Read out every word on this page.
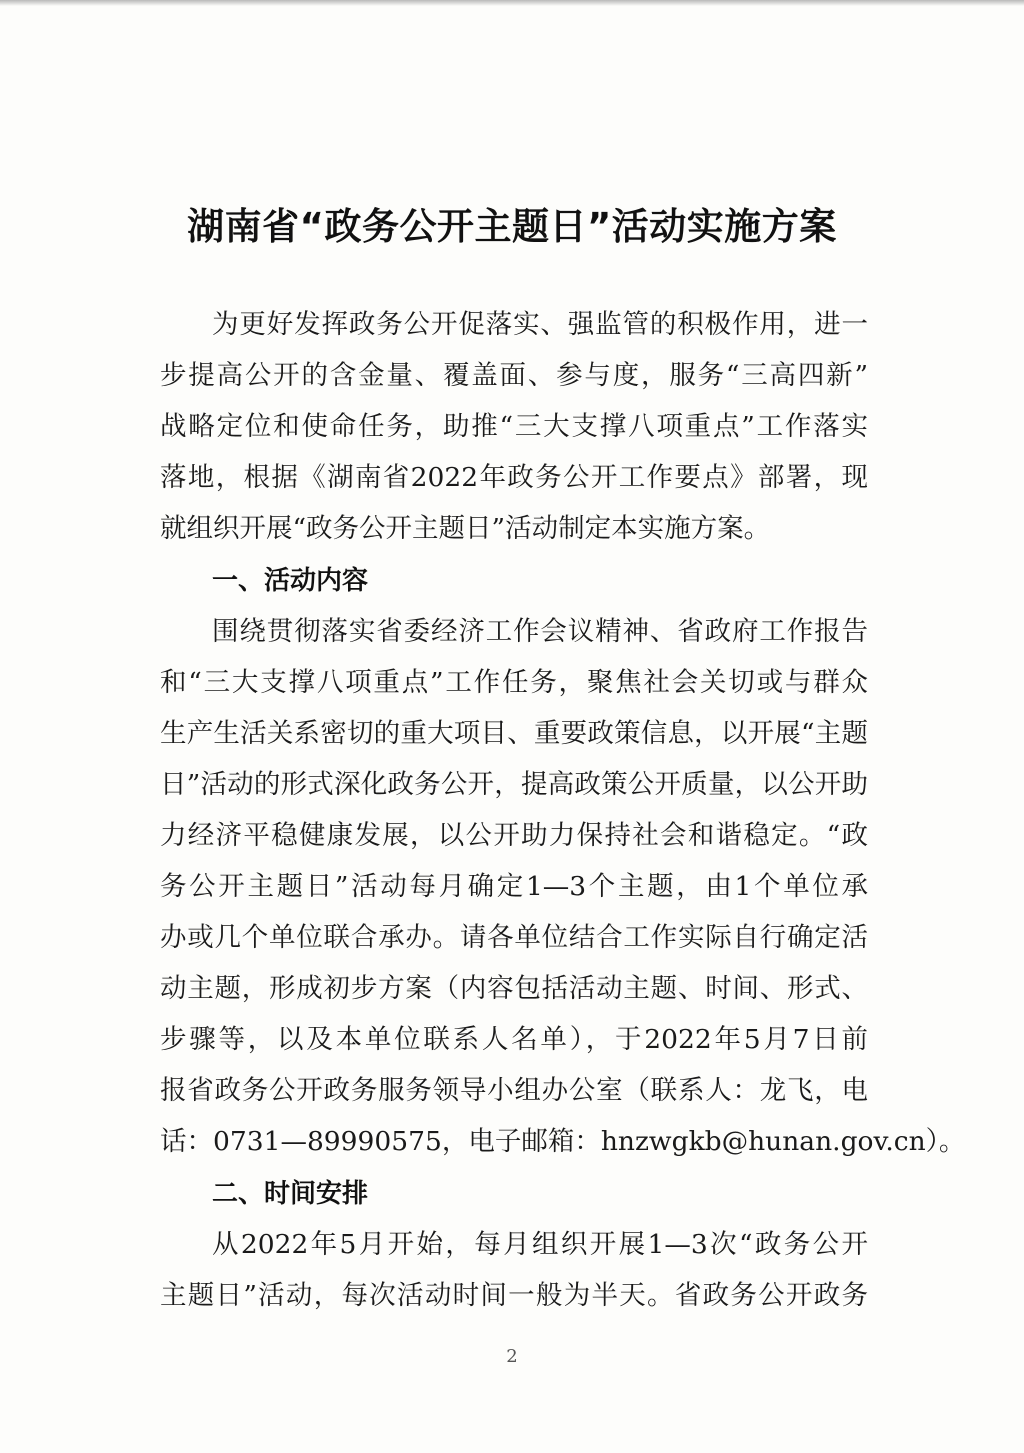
湖南省“政务公开主题日”活动实施方案
为更好发挥政务公开促落实、强监管的积极作用，进一
步提高公开的含金量、覆盖面、参与度，服务“三高四新”
战略定位和使命任务，助推“三大支撑八项重点”工作落实
落地，根据《湖南省2022年政务公开工作要点》部署，现
就组织开展“政务公开主题日”活动制定本实施方案。
一、活动内容
围绕贯彻落实省委经济工作会议精神、省政府工作报告
和“三大支撑八项重点”工作任务，聚焦社会关切或与群众
生产生活关系密切的重大项目、重要政策信息，以开展“主题
日”活动的形式深化政务公开，提高政策公开质量，以公开助
力经济平稳健康发展，以公开助力保持社会和谐稳定。“政
务公开主题日”活动每月确定1—3个主题，由1个单位承
办或几个单位联合承办。请各单位结合工作实际自行确定活
动主题，形成初步方案（内容包括活动主题、时间、形式、
步骤等，以及本单位联系人名单），于2022年5月7日前
报省政务公开政务服务领导小组办公室（联系人：龙飞，电
话：0731—89990575，电子邮箱：hnzwgkb@hunan.gov.cn）。
二、时间安排
从2022年5月开始，每月组织开展1—3次“政务公开
主题日”活动，每次活动时间一般为半天。省政务公开政务
2
